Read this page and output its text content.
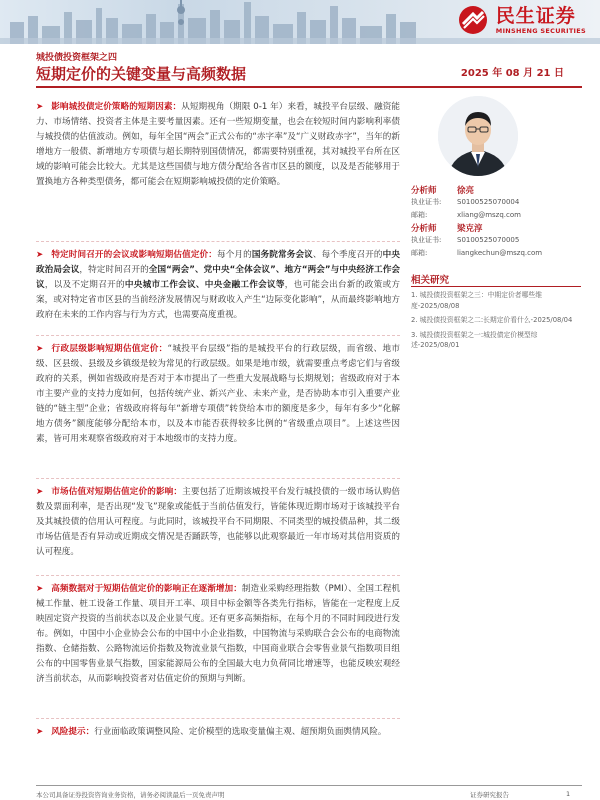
民生证券
MINSHENG SECURITIES
城投债投资框架之四
短期定价的关键变量与高频数据	2025 年 08 月 21 日
➤ 影响城投债定价策略的短期因素：从短期视角（期限 0-1 年）来看，城投平台层级、融资能力、市场情绪、投资者主体是主要考量因素。还有一些短期变量，也会在较短时间内影响利率债与城投债的估值波动。例如，每年全国“两会”正式公布的“赤字率”及“广义财政赤字”，当年的新增地方一般债、新增地方专项债与超长期特别国债情况，都需要特别重视，其对城投平台所在区域的影响可能会比较大。尤其是这些国债与地方债分配给各省市区县的额度，以及是否能够用于置换地方各种类型债务，都可能会在短期影响城投债的定价策略。
➤ 特定时间召开的会议或影响短期估值定价：每个月的国务院常务会议、每个季度召开的中央政治局会议，特定时间召开的全国“两会”、党中央“全体会议”、地方“两会”与中央经济工作会议，以及不定期召开的中央城市工作会议、中央金融工作会议等，也可能会出台新的政策或方案，或对特定省市区县的当前经济发展情况与财政收入产生“边际变化影响”，从而最终影响地方政府在未来的工作内容与行为方式，也需要高度重视。
➤ 行政层级影响短期估值定价：“城投平台层级”指的是城投平台的行政层级，而省级、地市级、区县级、县级及乡镇级是较为常见的行政层级。如果是地市级，就需要重点考虑它们与省级政府的关系，例如省级政府是否对于本市提出了一些重大发展战略与长期规划；省级政府对于本市主要产业的支持力度如何，包括传统产业、新兴产业、未来产业，是否协助本市引入重要产业链的“链主型”企业；省级政府将每年“新增专项债”转贷给本市的额度是多少，每年有多少“化解地方债务”额度能够分配给本市，以及本市能否获得较多比例的“省级重点项目”。上述这些因素，皆可用来观察省级政府对于本地级市的支持力度。
➤ 市场估值对短期估值定价的影响：主要包括了近期该城投平台发行城投债的一级市场认购倍数及票面利率，是否出现“发飞”现象或能低于当前估值发行，皆能体现近期市场对于该城投平台及其城投债的信用认可程度。与此同时，该城投平台不同期限、不同类型的城投债品种，其二级市场估值是否有异动或近期成交情况是否踊跃等，也能够以此观察最近一年市场对其信用资质的认可程度。
➤ 高频数据对于短期估值定价的影响正在逐渐增加：制造业采购经理指数（PMI）、全国工程机械工作量、桩工设备工作量、项目开工率、项目中标金额等各类先行指标，皆能在一定程度上反映固定资产投资的当前状态以及企业景气度。还有更多高频指标，在每个月的不同时间段进行发布。例如，中国中小企业协会公布的中国中小企业指数，中国物流与采购联合会公布的电商物流指数、仓储指数、公路物流运价指数及物流业景气指数，中国商业联合会零售业景气指数项目组公布的中国零售业景气指数，国家能源局公布的全国最大电力负荷同比增速等，也能反映宏观经济当前状态，从而影响投资者对估值定价的预期与判断。
➤ 风险提示：行业面临政策调整风险、定价模型的选取变量偏主观、超预期负面舆情风险。
分析师	徐亮
执业证书:	S0100525070004
邮箱:	xliang@mszq.com
分析师	梁克淳
执业证书:	S0100525070005
邮箱:	liangkechun@mszq.com
相关研究
1. 城投债投资框架之三：中期定价者哪些维度-2025/08/08
2. 城投债投资框架之二:长期定价看什么-2025/08/04
3. 城投债投资框架之一:城投债定价模型综述-2025/08/01
本公司具备证券投资咨询业务资格，请务必阅读最后一页免责声明	证券研究报告	1
